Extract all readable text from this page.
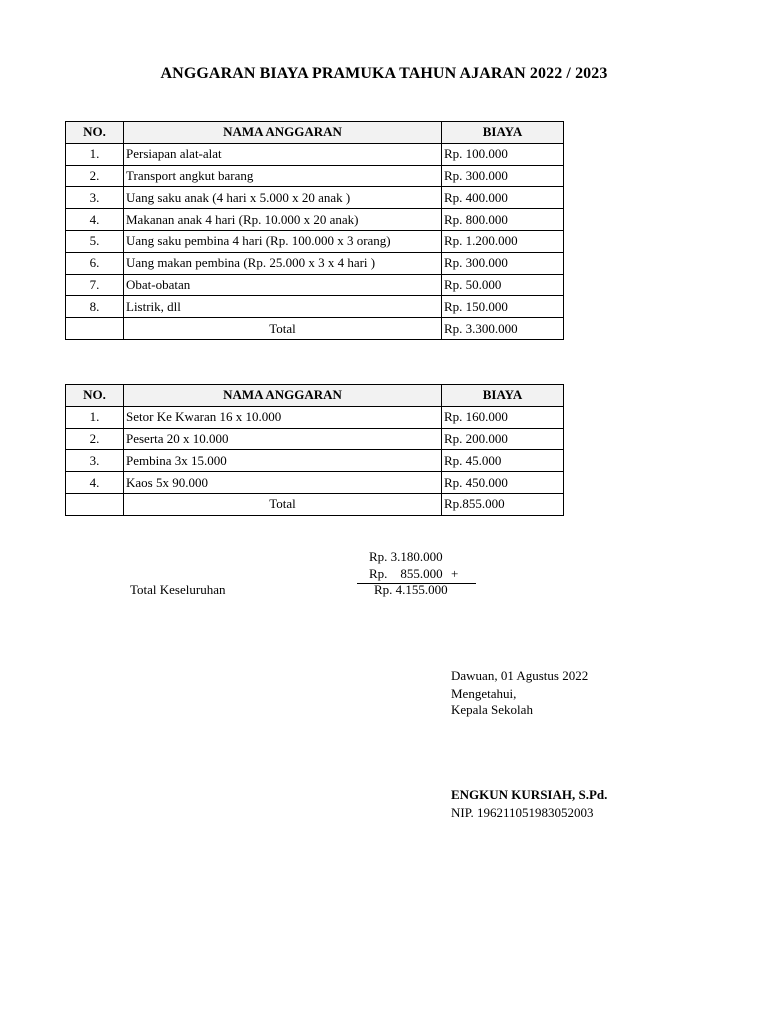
ANGGARAN BIAYA PRAMUKA TAHUN AJARAN 2022 / 2023
NO.	NAMA ANGGARAN	BIAYA
1.	Persiapan alat-alat	Rp. 100.000
2.	Transport angkut barang	Rp. 300.000
3.	Uang saku anak (4 hari x 5.000 x 20 anak )	Rp. 400.000
4.	Makanan anak 4 hari (Rp. 10.000 x 20 anak)	Rp. 800.000
5.	Uang saku pembina 4 hari (Rp. 100.000 x 3 orang)	Rp. 1.200.000
6.	Uang makan pembina (Rp. 25.000 x 3 x 4 hari )	Rp. 300.000
7.	Obat-obatan	Rp. 50.000
8.	Listrik, dll	Rp. 150.000
	Total	Rp. 3.300.000
NO.	NAMA ANGGARAN	BIAYA
1.	Setor Ke Kwaran 16 x 10.000	Rp. 160.000
2.	Peserta 20 x 10.000	Rp. 200.000
3.	Pembina 3x 15.000	Rp. 45.000
4.	Kaos 5x 90.000	Rp. 450.000
	Total	Rp.855.000
Rp. 3.180.000
Rp.    855.000 +
Total Keseluruhan	Rp. 4.155.000
Dawuan, 01 Agustus 2022
Mengetahui,
Kepala Sekolah
ENGKUN KURSIAH, S.Pd.
NIP. 196211051983052003
